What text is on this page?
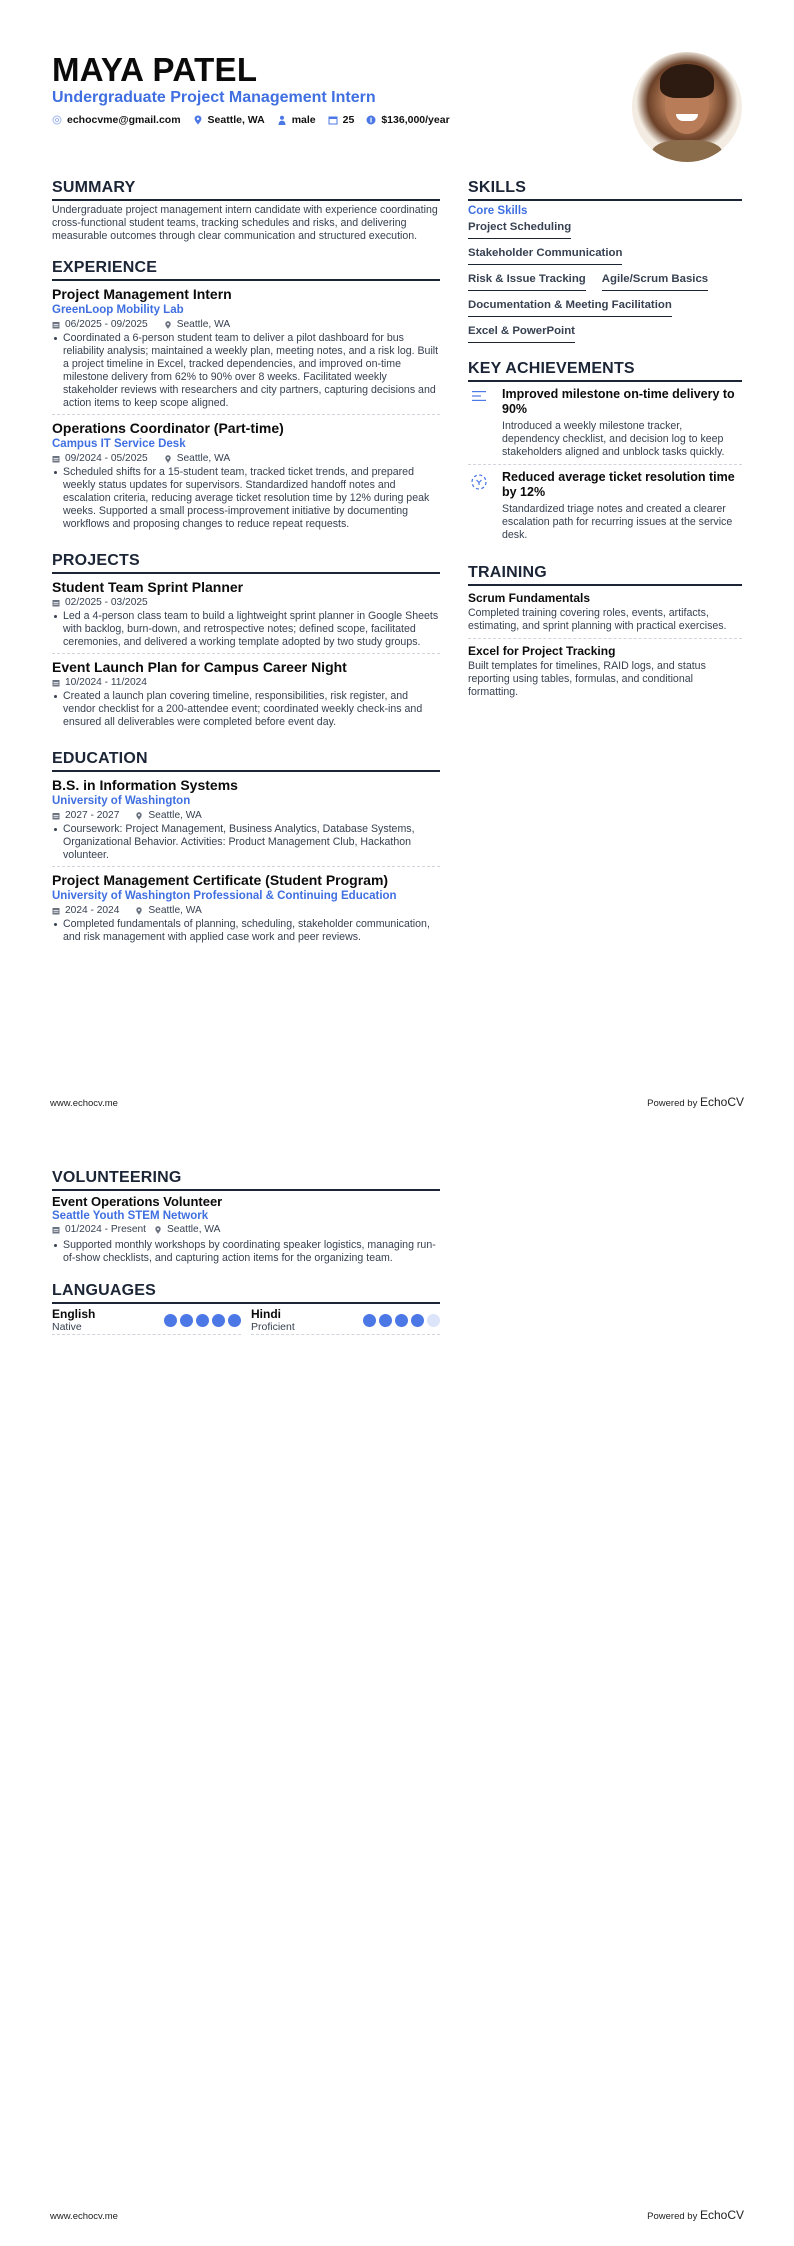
MAYA PATEL
Undergraduate Project Management Intern
echocvme@gmail.com	Seattle, WA	male	25	$136,000/year
SUMMARY

Undergraduate project management intern candidate with experience coordinating cross-functional student teams, tracking schedules and risks, and delivering measurable outcomes through clear communication and structured execution.

EXPERIENCE
Project Management Intern
GreenLoop Mobility Lab
06/2025 - 09/2025	Seattle, WA
Coordinated a 6-person student team to deliver a pilot dashboard for bus reliability analysis; maintained a weekly plan, meeting notes, and a risk log. Built a project timeline in Excel, tracked dependencies, and improved on-time milestone delivery from 62% to 90% over 8 weeks. Facilitated weekly stakeholder reviews with researchers and city partners, capturing decisions and action items to keep scope aligned.
Operations Coordinator (Part-time)
Campus IT Service Desk
09/2024 - 05/2025	Seattle, WA
Scheduled shifts for a 15-student team, tracked ticket trends, and prepared weekly status updates for supervisors. Standardized handoff notes and escalation criteria, reducing average ticket resolution time by 12% during peak weeks. Supported a small process-improvement initiative by documenting workflows and proposing changes to reduce repeat requests.
PROJECTS
Student Team Sprint Planner
02/2025 - 03/2025
Led a 4-person class team to build a lightweight sprint planner in Google Sheets with backlog, burn-down, and retrospective notes; defined scope, facilitated ceremonies, and delivered a working template adopted by two study groups.
Event Launch Plan for Campus Career Night
10/2024 - 11/2024
Created a launch plan covering timeline, responsibilities, risk register, and vendor checklist for a 200-attendee event; coordinated weekly check-ins and ensured all deliverables were completed before event day.
EDUCATION
B.S. in Information Systems
University of Washington
2027 - 2027	Seattle, WA
Coursework: Project Management, Business Analytics, Database Systems, Organizational Behavior. Activities: Product Management Club, Hackathon volunteer.
Project Management Certificate (Student Program)
University of Washington Professional & Continuing Education
2024 - 2024	Seattle, WA
Completed fundamentals of planning, scheduling, stakeholder communication, and risk management with applied case work and peer reviews.
SKILLS
Core Skills
Project Scheduling
Stakeholder Communication
Risk & Issue Tracking Agile/Scrum Basics
Documentation & Meeting Facilitation
Excel & PowerPoint
KEY ACHIEVEMENTS
Improved milestone on-time delivery to 90%
Introduced a weekly milestone tracker, dependency checklist, and decision log to keep stakeholders aligned and unblock tasks quickly.
Reduced average ticket resolution time by 12%
Standardized triage notes and created a clearer escalation path for recurring issues at the service desk.
TRAINING
Scrum Fundamentals
Completed training covering roles, events, artifacts, estimating, and sprint planning with practical exercises.
Excel for Project Tracking
Built templates for timelines, RAID logs, and status reporting using tables, formulas, and conditional formatting.
www.echocv.me	Powered by EchoCV
VOLUNTEERING
Event Operations Volunteer
Seattle Youth STEM Network
01/2024 - Present Seattle, WA
Supported monthly workshops by coordinating speaker logistics, managing run-of-show checklists, and capturing action items for the organizing team.
LANGUAGES
English
Native
Hindi
Proficient
www.echocv.me	Powered by EchoCV
